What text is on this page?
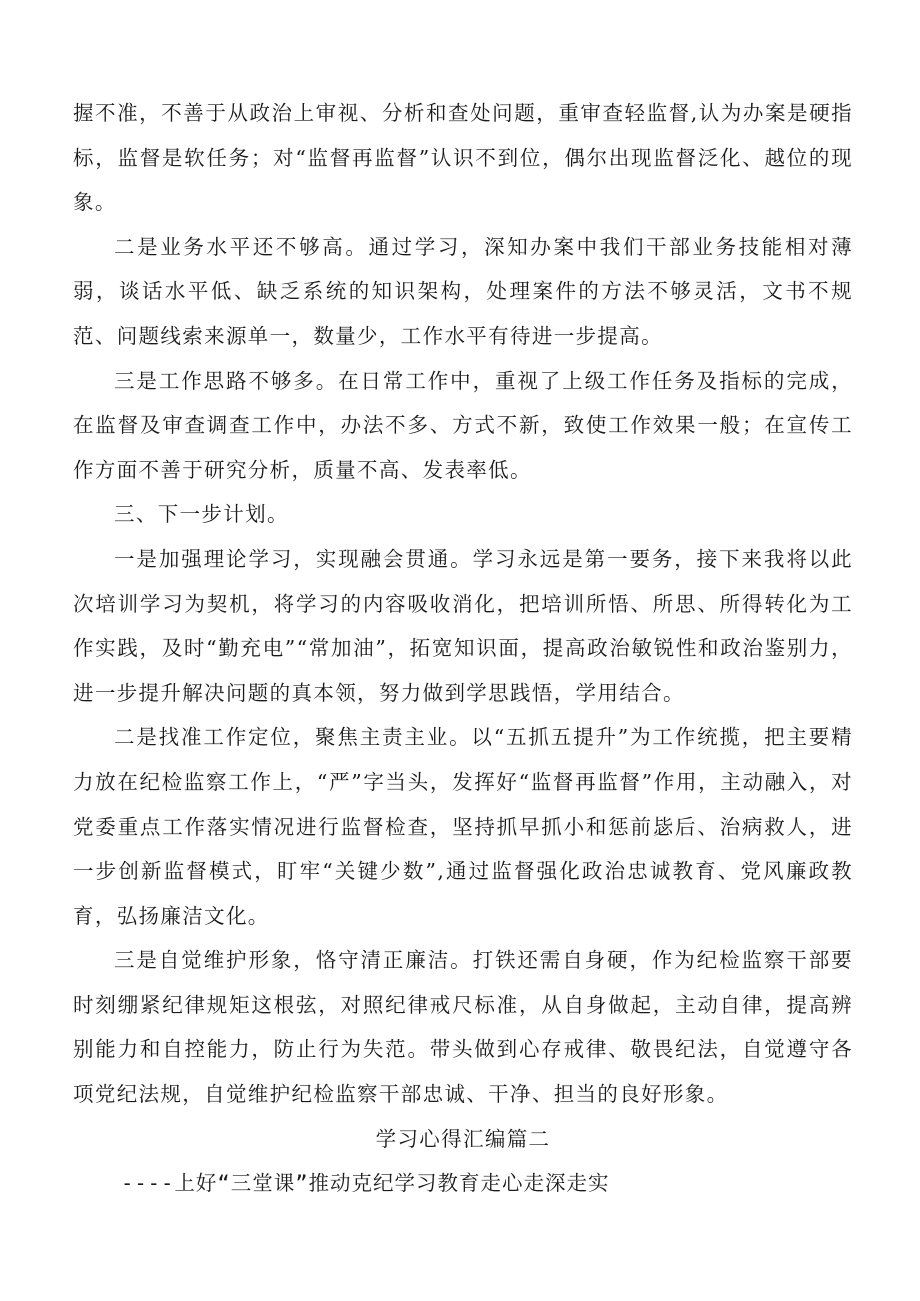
握不准，不善于从政治上审视、分析和查处问题，重审查轻监督,认为办案是硬指标，监督是软任务；对“监督再监督”认识不到位，偶尔出现监督泛化、越位的现象。

二是业务水平还不够高。通过学习，深知办案中我们干部业务技能相对薄弱，谈话水平低、缺乏系统的知识架构，处理案件的方法不够灵活，文书不规范、问题线索来源单一，数量少，工作水平有待进一步提高。

三是工作思路不够多。在日常工作中，重视了上级工作任务及指标的完成，在监督及审查调查工作中，办法不多、方式不新，致使工作效果一般；在宣传工作方面不善于研究分析，质量不高、发表率低。

三、下一步计划。

一是加强理论学习，实现融会贯通。学习永远是第一要务，接下来我将以此次培训学习为契机，将学习的内容吸收消化，把培训所悟、所思、所得转化为工作实践，及时“勤充电”“常加油”，拓宽知识面，提高政治敏锐性和政治鉴别力，进一步提升解决问题的真本领，努力做到学思践悟，学用结合。

二是找准工作定位，聚焦主责主业。以“五抓五提升”为工作统揽，把主要精力放在纪检监察工作上，“严”字当头，发挥好“监督再监督”作用，主动融入，对党委重点工作落实情况进行监督检查，坚持抓早抓小和惩前毖后、治病救人，进一步创新监督模式，盯牢“关键少数”,通过监督强化政治忠诚教育、党风廉政教育，弘扬廉洁文化。

三是自觉维护形象，恪守清正廉洁。打铁还需自身硬，作为纪检监察干部要时刻绷紧纪律规矩这根弦，对照纪律戒尺标准，从自身做起，主动自律，提高辨别能力和自控能力，防止行为失范。带头做到心存戒律、敬畏纪法，自觉遵守各项党纪法规，自觉维护纪检监察干部忠诚、干净、担当的良好形象。

学习心得汇编篇二

----上好“三堂课”推动克纪学习教育走心走深走实
